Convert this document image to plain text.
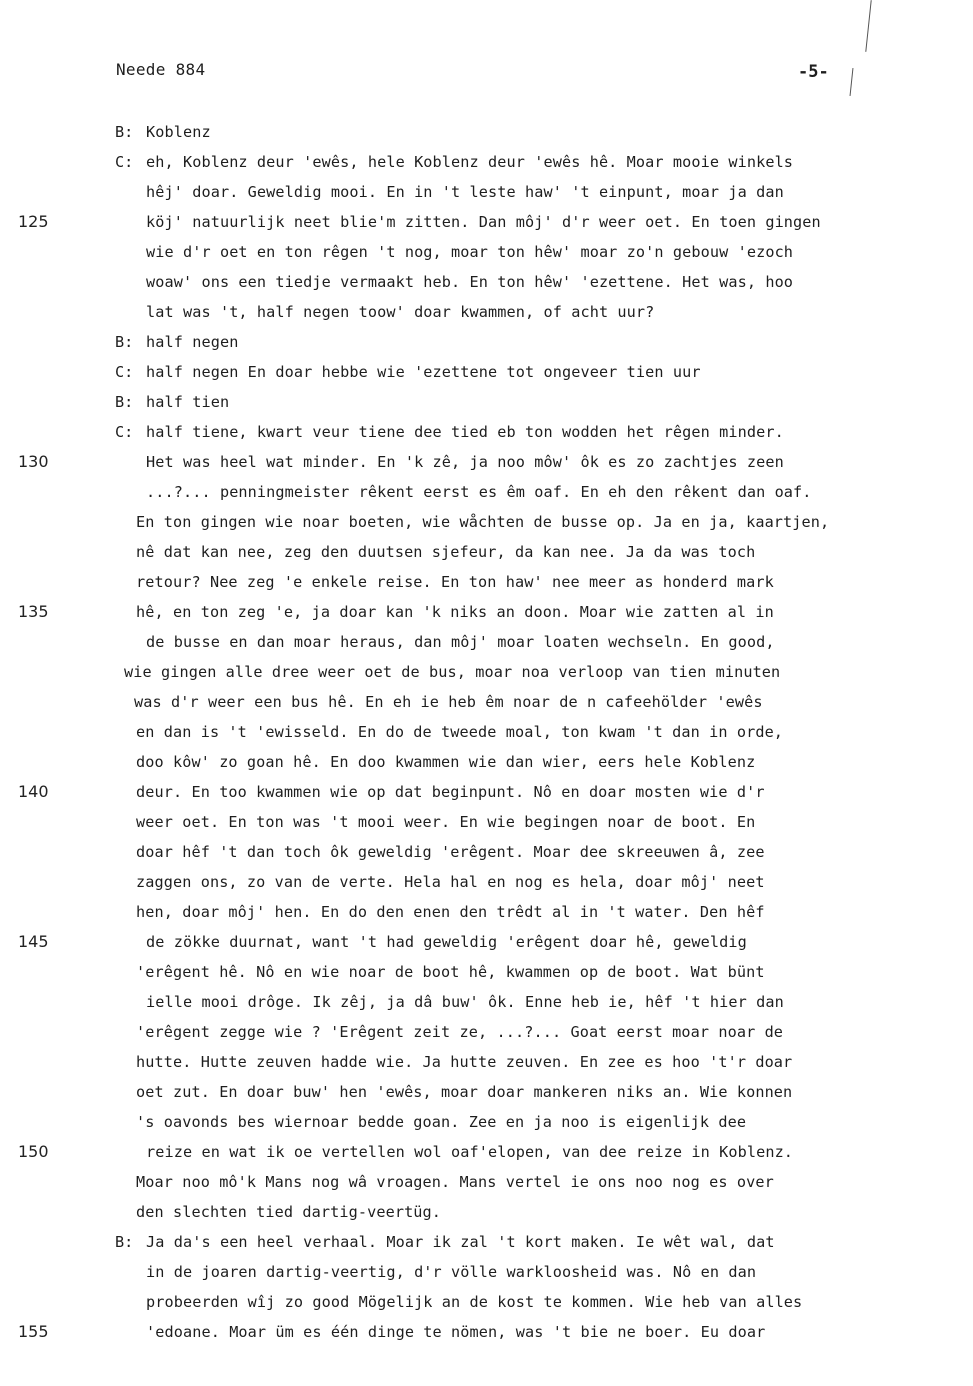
Neede 884	-5-
125
130
135
140
145
150
155
B: Koblenz
C: eh, Koblenz deur 'ewês, hele Koblenz deur 'ewês hê. Moar mooie winkels
hêj' doar. Geweldig mooi. En in 't leste haw' 't einpunt, moar ja dan
köj' natuurlijk neet blie'm zitten. Dan môj' d'r weer oet. En toen gingen
wie d'r oet en ton rêgen 't nog, moar ton hêw' moar zo'n gebouw 'ezoch
woaw' ons een tiedje vermaakt heb. En ton hêw' 'ezettene. Het was, hoo
lat was 't, half negen toow' doar kwammen, of acht uur?
B: half negen
C: half negen En doar hebbe wie 'ezettene tot ongeveer tien uur
B: half tien
C: half tiene, kwart veur tiene dee tied eb ton wodden het rêgen minder.
Het was heel wat minder. En 'k zê, ja noo môw' ôk es zo zachtjes zeen
...?... penningmeister rêkent eerst es êm oaf. En eh den rêkent dan oaf.
En ton gingen wie noar boeten, wie wåchten de busse op. Ja en ja, kaartjen,
nê dat kan nee, zeg den duutsen sjefeur, da kan nee. Ja da was toch
retour? Nee zeg 'e enkele reise. En ton haw' nee meer as honderd mark
hê, en ton zeg 'e, ja doar kan 'k niks an doon. Moar wie zatten al in
de busse en dan moar heraus, dan môj' moar loaten wechseln. En good,
wie gingen alle dree weer oet de bus, moar noa verloop van tien minuten
was d'r weer een bus hê. En eh ie heb êm noar de n cafeehölder 'ewês
en dan is 't 'ewisseld. En do de tweede moal, ton kwam 't dan in orde,
doo kôw' zo goan hê. En doo kwammen wie dan wier, eers hele Koblenz
deur. En too kwammen wie op dat beginpunt. Nô en doar mosten wie d'r
weer oet. En ton was 't mooi weer. En wie begingen noar de boot. En
doar hêf 't dan toch ôk geweldig 'erêgent. Moar dee skreeuwen â, zee
zaggen ons, zo van de verte. Hela hal en nog es hela, doar môj' neet
hen, doar môj' hen. En do den enen den trêdt al in 't water. Den hêf
de zökke duurnat, want 't had geweldig 'erêgent doar hê, geweldig
'erêgent hê. Nô en wie noar de boot hê, kwammen op de boot. Wat bünt
ielle mooi drôge. Ik zêj, ja dâ buw' ôk. Enne heb ie, hêf 't hier dan
'erêgent zegge wie ? 'Erêgent zeit ze, ...?... Goat eerst moar noar de
hutte. Hutte zeuven hadde wie. Ja hutte zeuven. En zee es hoo 't'r doar
oet zut. En doar buw' hen 'ewês, moar doar mankeren niks an. Wie konnen
's oavonds bes wiernoar bedde goan. Zee en ja noo is eigenlijk dee
reize en wat ik oe vertellen wol oaf'elopen, van dee reize in Koblenz.
Moar noo mô'k Mans nog wâ vroagen. Mans vertel ie ons noo nog es over
den slechten tied dartig-veertüg.
B: Ja da's een heel verhaal. Moar ik zal 't kort maken. Ie wêt wal, dat
in de joaren dartig-veertig, d'r völle warkloosheid was. Nô en dan
probeerden wîj zo good Mögelijk an de kost te kommen. Wie heb van alles
'edoane. Moar üm es één dinge te nömen, was 't bie ne boer. Eu doar
